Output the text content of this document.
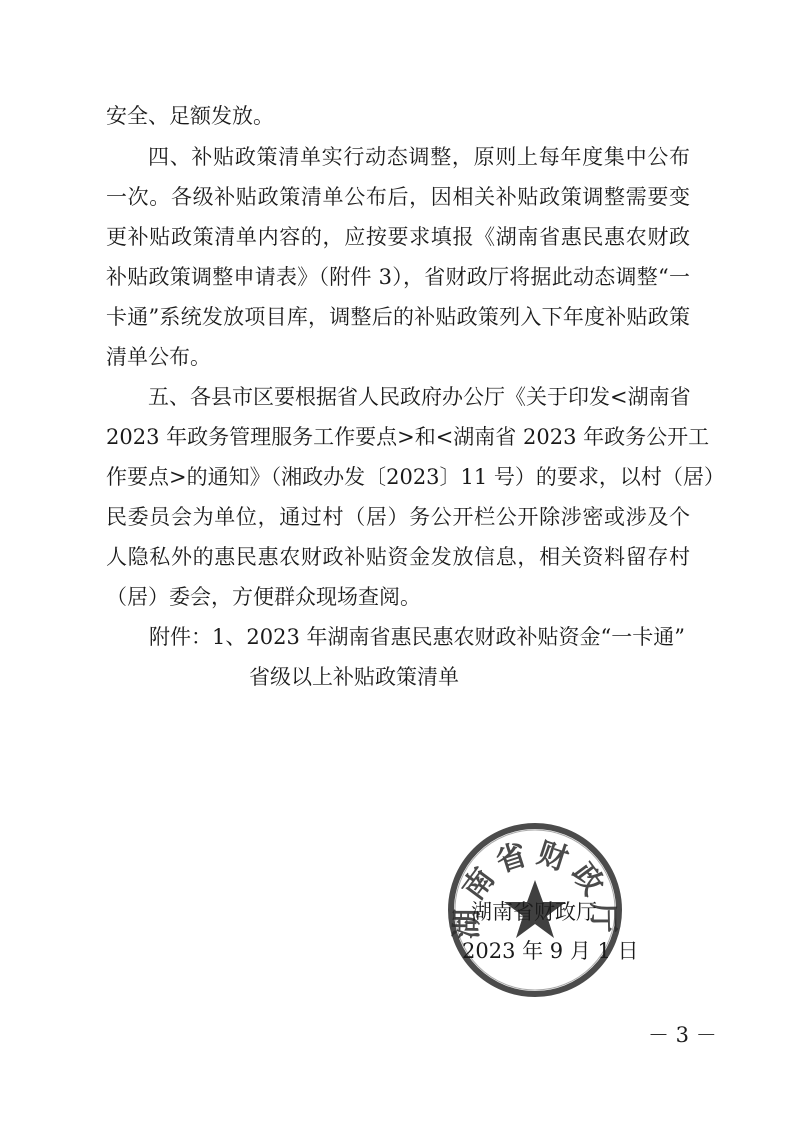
安全、足额发放。
四、补贴政策清单实行动态调整，原则上每年度集中公布
一次。各级补贴政策清单公布后，因相关补贴政策调整需要变
更补贴政策清单内容的，应按要求填报《湖南省惠民惠农财政
补贴政策调整申请表》（附件 3），省财政厅将据此动态调整“一
卡通”系统发放项目库，调整后的补贴政策列入下年度补贴政策
清单公布。
五、各县市区要根据省人民政府办公厅《关于印发<湖南省
2023 年政务管理服务工作要点>和<湖南省 2023 年政务公开工
作要点>的通知》（湘政办发〔2023〕11 号）的要求，以村（居）
民委员会为单位，通过村（居）务公开栏公开除涉密或涉及个
人隐私外的惠民惠农财政补贴资金发放信息，相关资料留存村
（居）委会，方便群众现场查阅。
附件： 1、2023 年湖南省惠民惠农财政补贴资金“一卡通”
省级以上补贴政策清单
湖南省财政厅
湖南省财政厅
2023 年 9 月 1 日
－ 3 －
